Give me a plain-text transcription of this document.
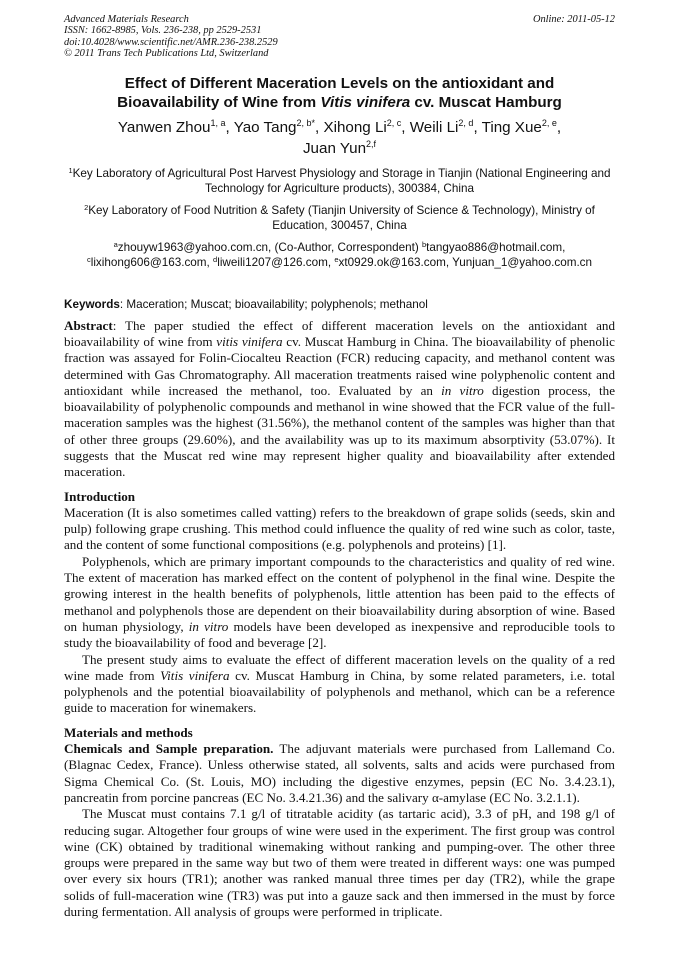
Advanced Materials Research	Online: 2011-05-12
ISSN: 1662-8985, Vols. 236-238, pp 2529-2531
doi:10.4028/www.scientific.net/AMR.236-238.2529
© 2011 Trans Tech Publications Ltd, Switzerland
Effect of Different Maceration Levels on the antioxidant and
Bioavailability of Wine from Vitis vinifera cv. Muscat Hamburg
Yanwen Zhou$^{1, a}$, Yao Tang$^{2, b*}$, Xihong Li$^{2, c}$, Weili Li$^{2, d}$, Ting Xue$^{2, e}$,
Juan Yun$^{2,f}$
$^1$Key Laboratory of Agricultural Post Harvest Physiology and Storage in Tianjin (National Engineering and Technology for Agriculture products), 300384, China
$^2$Key Laboratory of Food Nutrition & Safety (Tianjin University of Science & Technology), Ministry of Education, 300457, China
$^a$zhouyw1963@yahoo.com.cn, (Co-Author, Correspondent) $^b$tangyao886@hotmail.com,
$^c$lixihong606@163.com, $^d$liweili1207@126.com, $^e$xt0929.ok@163.com, Yunjuan_1@yahoo.com.cn
Keywords: Maceration; Muscat; bioavailability; polyphenols; methanol

Abstract: The paper studied the effect of different maceration levels on the antioxidant and bioavailability of wine from vitis vinifera cv. Muscat Hamburg in China. The bioavailability of phenolic fraction was assayed for Folin-Ciocalteu Reaction (FCR) reducing capacity, and methanol content was determined with Gas Chromatography. All maceration treatments raised wine polyphenolic content and antioxidant while increased the methanol, too. Evaluated by an in vitro digestion process, the bioavailability of polyphenolic compounds and methanol in wine showed that the FCR value of the full-maceration samples was the highest (31.56%), the methanol content of the samples was higher than that of other three groups (29.60%), and the availability was up to its maximum absorptivity (53.07%). It suggests that the Muscat red wine may represent higher quality and bioavailability after extended maceration.

Introduction

Maceration (It is also sometimes called vatting) refers to the breakdown of grape solids (seeds, skin and pulp) following grape crushing. This method could influence the quality of red wine such as color, taste, and the content of some functional compositions (e.g. polyphenols and proteins) [1].

Polyphenols, which are primary important compounds to the characteristics and quality of red wine. The extent of maceration has marked effect on the content of polyphenol in the final wine. Despite the growing interest in the health benefits of polyphenols, little attention has been paid to the effects of methanol and polyphenols those are dependent on their bioavailability during absorption of wine. Based on human physiology, in vitro models have been developed as inexpensive and reproducible tools to study the bioavailability of food and beverage [2].

The present study aims to evaluate the effect of different maceration levels on the quality of a red wine made from Vitis vinifera cv. Muscat Hamburg in China, by some related parameters, i.e. total polyphenols and the potential bioavailability of polyphenols and methanol, which can be a reference guide to maceration for winemakers.

Materials and methods

Chemicals and Sample preparation. The adjuvant materials were purchased from Lallemand Co. (Blagnac Cedex, France). Unless otherwise stated, all solvents, salts and acids were purchased from Sigma Chemical Co. (St. Louis, MO) including the digestive enzymes, pepsin (EC No. 3.4.23.1), pancreatin from porcine pancreas (EC No. 3.4.21.36) and the salivary α-amylase (EC No. 3.2.1.1).

The Muscat must contains 7.1 g/l of titratable acidity (as tartaric acid), 3.3 of pH, and 198 g/l of reducing sugar. Altogether four groups of wine were used in the experiment. The first group was control wine (CK) obtained by traditional winemaking without ranking and pumping-over. The other three groups were prepared in the same way but two of them were treated in different ways: one was pumped over every six hours (TR1); another was ranked manual three times per day (TR2), while the grape solids of full-maceration wine (TR3) was put into a gauze sack and then immersed in the must by force during fermentation. All analysis of groups were performed in triplicate.
